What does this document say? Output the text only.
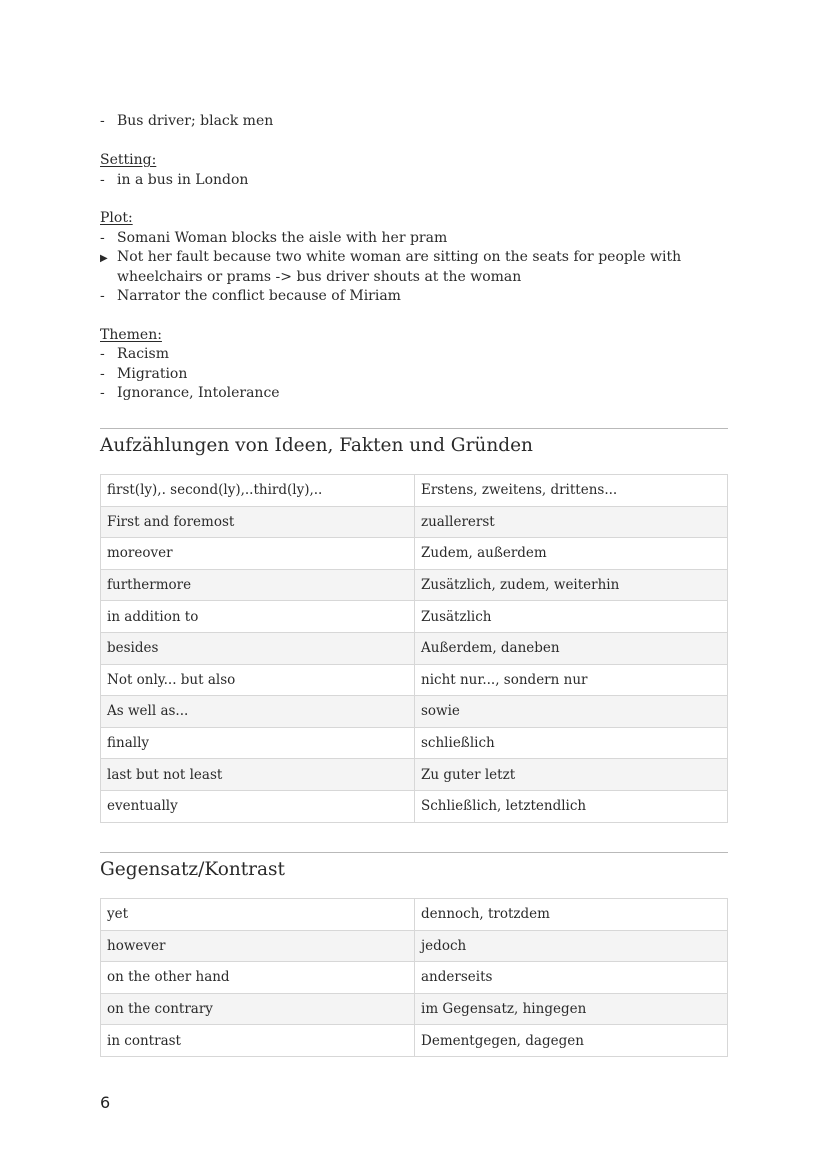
- Bus driver; black men
Setting:
- in a bus in London
Plot:
- Somani Woman blocks the aisle with her pram
▶ Not her fault because two white woman are sitting on the seats for people with
wheelchairs or prams -> bus driver shouts at the woman
- Narrator the conflict because of Miriam
Themen:
- Racism
- Migration
- Ignorance, Intolerance
Aufzählungen von Ideen, Fakten und Gründen
first(ly),. second(ly),..third(ly),..	Erstens, zweitens, drittens...
First and foremost	zuallererst
moreover	Zudem, außerdem
furthermore	Zusätzlich, zudem, weiterhin
in addition to	Zusätzlich
besides	Außerdem, daneben
Not only... but also	nicht nur..., sondern nur
As well as...	sowie
finally	schließlich
last but not least	Zu guter letzt
eventually	Schließlich, letztendlich
Gegensatz/Kontrast
yet	dennoch, trotzdem
however	jedoch
on the other hand	anderseits
on the contrary	im Gegensatz, hingegen
in contrast	Dementgegen, dagegen
6
